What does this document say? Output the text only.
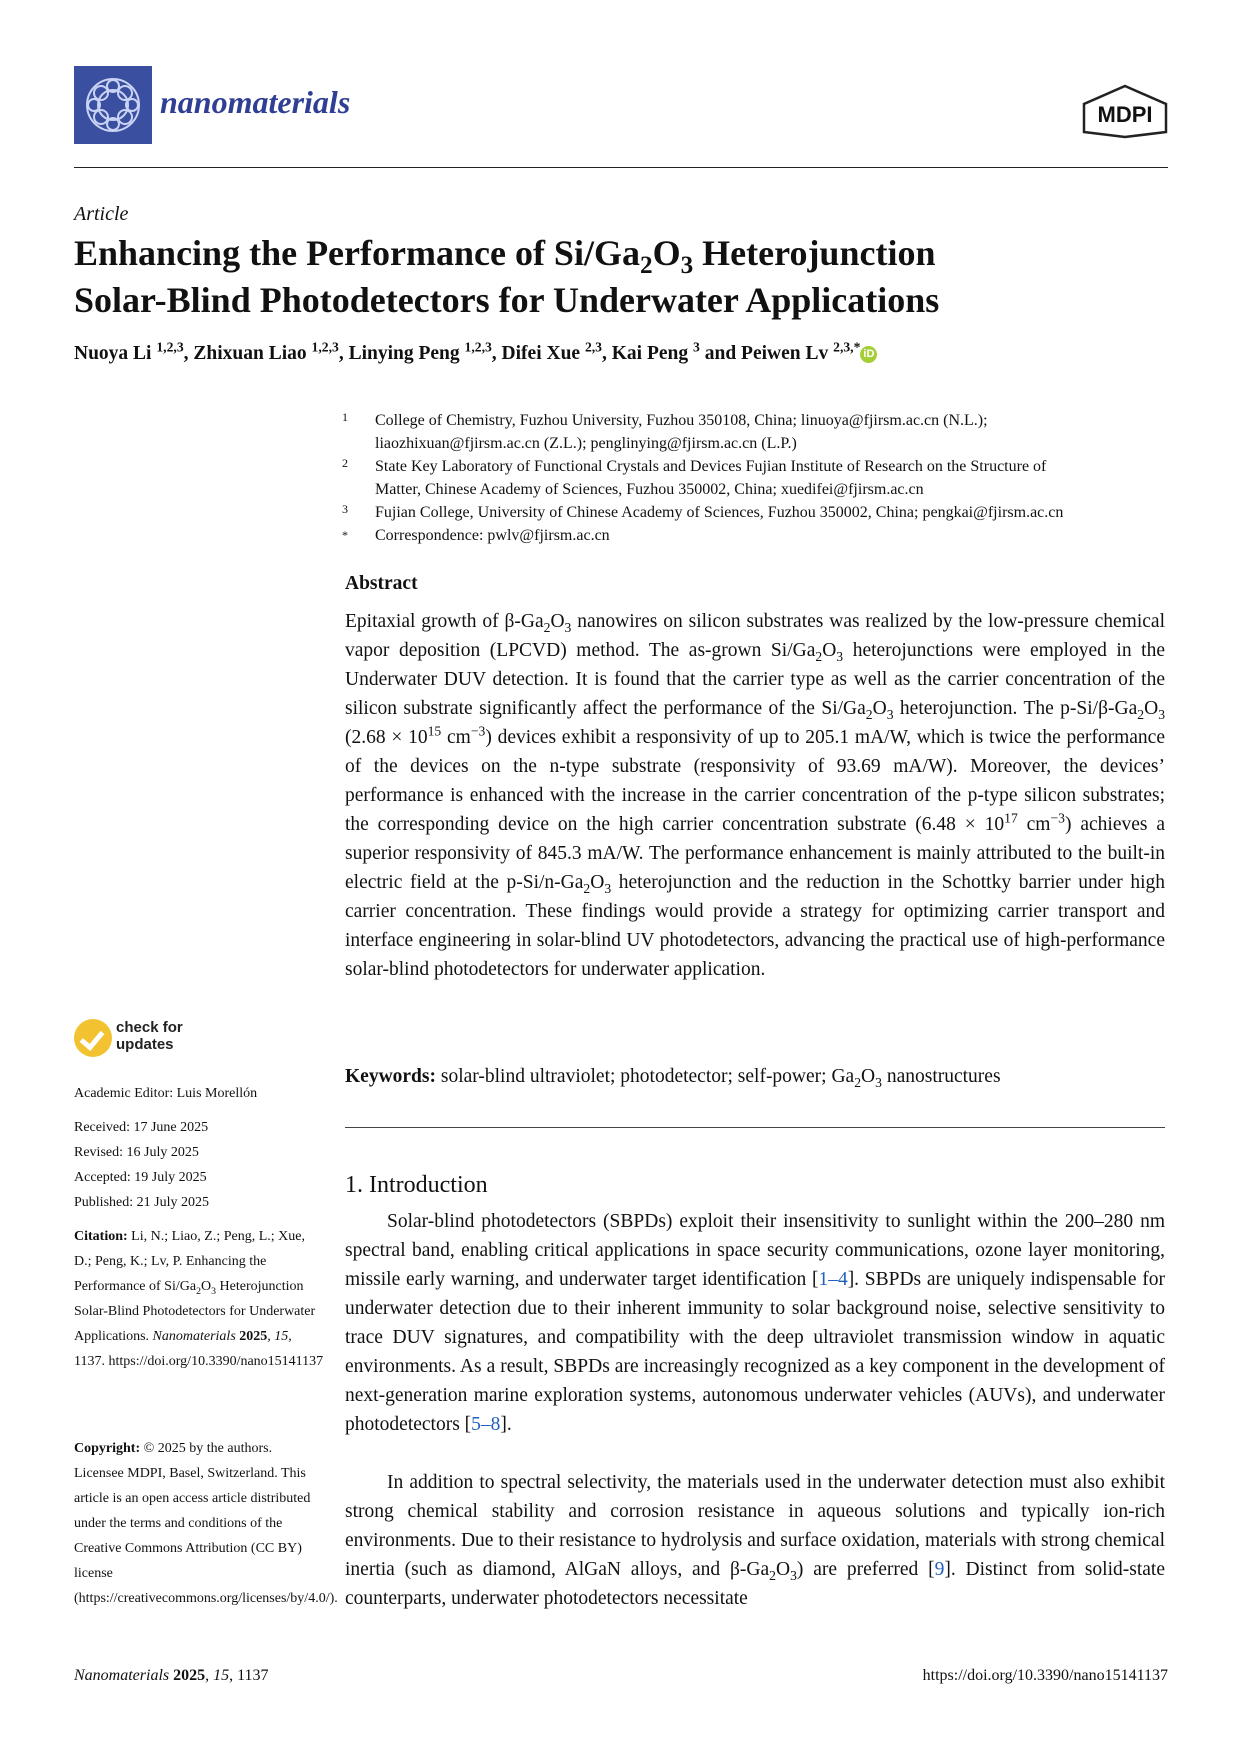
nanomaterials	MDPI
Article
Enhancing the Performance of $Si/Ga_2O_3$ Heterojunction
Solar-Blind Photodetectors for Underwater Applications
Nuoya Li $^{1,2,3}$, Zhixuan Liao $^{1,2,3}$, Linying Peng $^{1,2,3}$, Difei Xue $^{2,3}$, Kai Peng $^3$ and Peiwen Lv $^{2,3,*}$ iD
1	College of Chemistry, Fuzhou University, Fuzhou 350108, China; linuoya@fjirsm.ac.cn (N.L.);
liaozhixuan@fjirsm.ac.cn (Z.L.); penglinying@fjirsm.ac.cn (L.P.)
2	State Key Laboratory of Functional Crystals and Devices Fujian Institute of Research on the Structure of
Matter, Chinese Academy of Sciences, Fuzhou 350002, China; xuedifei@fjirsm.ac.cn
3	Fujian College, University of Chinese Academy of Sciences, Fuzhou 350002, China; pengkai@fjirsm.ac.cn
*	Correspondence: pwlv@fjirsm.ac.cn
Abstract
Epitaxial growth of $\beta-Ga_2O_3$ nanowires on silicon substrates was realized by the low-pressure chemical vapor deposition (LPCVD) method. The as-grown $Si/Ga_2O_3$ heterojunctions were employed in the Underwater DUV detection. It is found that the carrier type as well as the carrier concentration of the silicon substrate significantly affect the performance of the $Si/Ga_2O_3$ heterojunction. The $p-Si/\beta-Ga_2O_3$ ($2.68 \times 10^{15}$ $cm^{-3}$) devices exhibit a responsivity of up to 205.1 mA/W, which is twice the performance of the devices on the n-type substrate (responsivity of 93.69 mA/W). Moreover, the devices’ performance is enhanced with the increase in the carrier concentration of the p-type silicon substrates; the corresponding device on the high carrier concentration substrate ($6.48 \times 10^{17}$ $cm^{-3}$) achieves a superior responsivity of 845.3 mA/W. The performance enhancement is mainly attributed to the built-in electric field at the $p-Si/n-Ga_2O_3$ heterojunction and the reduction in the Schottky barrier under high carrier concentration. These findings would provide a strategy for optimizing carrier transport and interface engineering in solar-blind UV photodetectors, advancing the practical use of high-performance solar-blind photodetectors for underwater application.
Keywords: solar-blind ultraviolet; photodetector; self-power; $Ga_2O_3$ nanostructures
1. Introduction
Solar-blind photodetectors (SBPDs) exploit their insensitivity to sunlight within the 200–280 nm spectral band, enabling critical applications in space security communications, ozone layer monitoring, missile early warning, and underwater target identification [1–4]. SBPDs are uniquely indispensable for underwater detection due to their inherent immunity to solar background noise, selective sensitivity to trace DUV signatures, and compatibility with the deep ultraviolet transmission window in aquatic environments. As a result, SBPDs are increasingly recognized as a key component in the development of next-generation marine exploration systems, autonomous underwater vehicles (AUVs), and underwater photodetectors [5–8].
In addition to spectral selectivity, the materials used in the underwater detection must also exhibit strong chemical stability and corrosion resistance in aqueous solutions and typically ion-rich environments. Due to their resistance to hydrolysis and surface oxidation, materials with strong chemical inertia (such as diamond, AlGaN alloys, and $\beta-Ga_2O_3$) are preferred [9]. Distinct from solid-state counterparts, underwater photodetectors necessitate
check for
updates
Academic Editor: Luis Morellón
Received: 17 June 2025
Revised: 16 July 2025
Accepted: 19 July 2025
Published: 21 July 2025
Citation: Li, N.; Liao, Z.; Peng, L.; Xue, D.; Peng, K.; Lv, P. Enhancing the Performance of $Si/Ga_2O_3$ Heterojunction Solar-Blind Photodetectors for Underwater Applications. Nanomaterials 2025, 15, 1137. https://doi.org/10.3390/nano15141137
Copyright: © 2025 by the authors. Licensee MDPI, Basel, Switzerland. This article is an open access article distributed under the terms and conditions of the Creative Commons Attribution (CC BY) license (https://creativecommons.org/licenses/by/4.0/).
Nanomaterials 2025, 15, 1137	https://doi.org/10.3390/nano15141137
